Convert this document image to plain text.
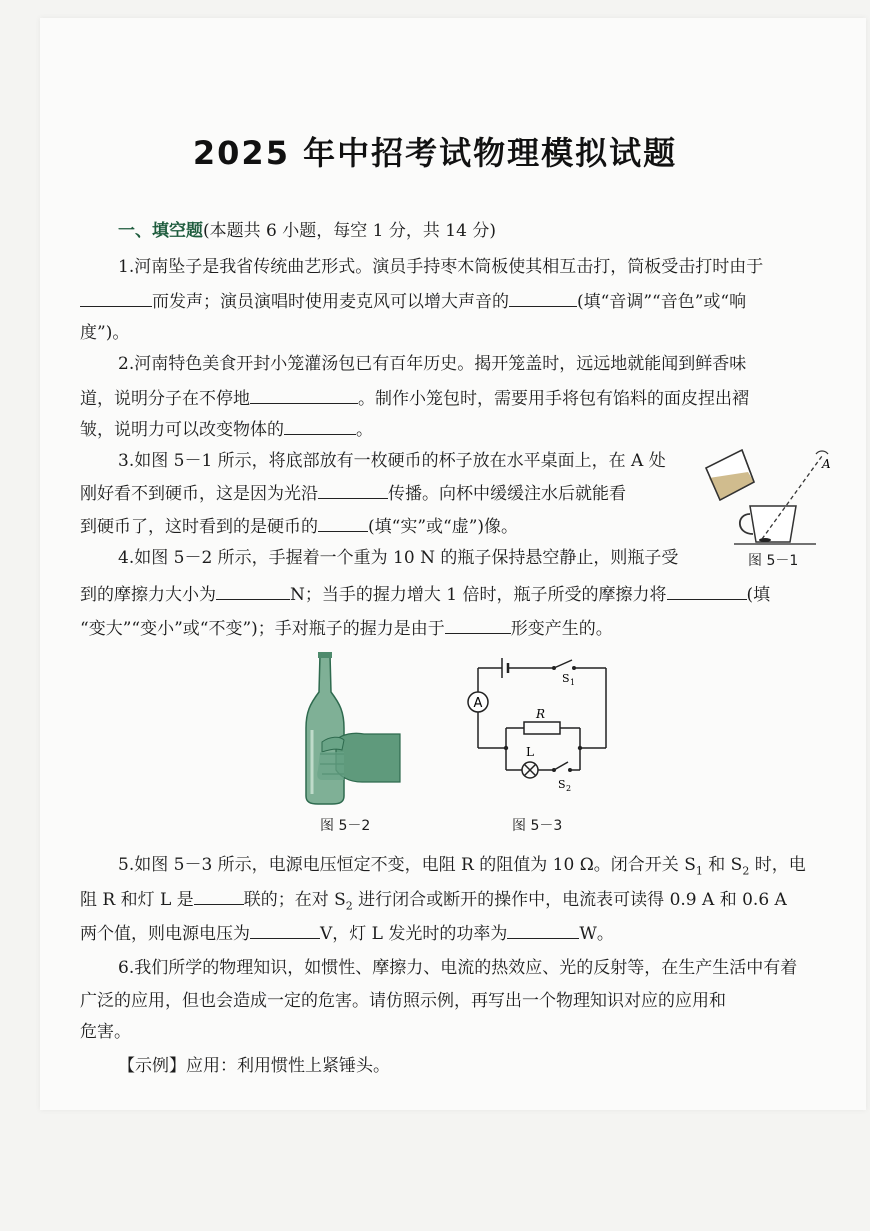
2025 年中招考试物理模拟试题
一、填空题(本题共 6 小题，每空 1 分，共 14 分)
1.河南坠子是我省传统曲艺形式。演员手持枣木筒板使其相互击打，筒板受击打时由于
而发声；演员演唱时使用麦克风可以增大声音的	(填“音调”“音色”或“响
度”)。
2.河南特色美食开封小笼灌汤包已有百年历史。揭开笼盖时，远远地就能闻到鲜香味
道，说明分子在不停地	。制作小笼包时，需要用手将包有馅料的面皮捏出褶
皱，说明力可以改变物体的	。
3.如图 5－1 所示，将底部放有一枚硬币的杯子放在水平桌面上，在 A 处
刚好看不到硬币，这是因为光沿	传播。向杯中缓缓注水后就能看
到硬币了，这时看到的是硬币的	(填“实”或“虚”)像。
A
图 5－1
4.如图 5－2 所示，手握着一个重为 10 N 的瓶子保持悬空静止，则瓶子受
到的摩擦力大小为	N；当手的握力增大 1 倍时，瓶子所受的摩擦力将	(填
“变大”“变小”或“不变”)；手对瓶子的握力是由于	形变产生的。
图 5－2
A
R
L
S 1
S 2
图 5－3
5.如图 5－3 所示，电源电压恒定不变，电阻 R 的阻值为 10 Ω。闭合开关 $S_1$ 和 $S_2$ 时，电
阻 R 和灯 L 是	联的；在对 $S_2$ 进行闭合或断开的操作中，电流表可读得 0.9 A 和 0.6 A
两个值，则电源电压为	V，灯 L 发光时的功率为	W。
6.我们所学的物理知识，如惯性、摩擦力、电流的热效应、光的反射等，在生产生活中有着
广泛的应用，但也会造成一定的危害。请仿照示例，再写出一个物理知识对应的应用和
危害。
【示例】应用：利用惯性上紧锤头。
